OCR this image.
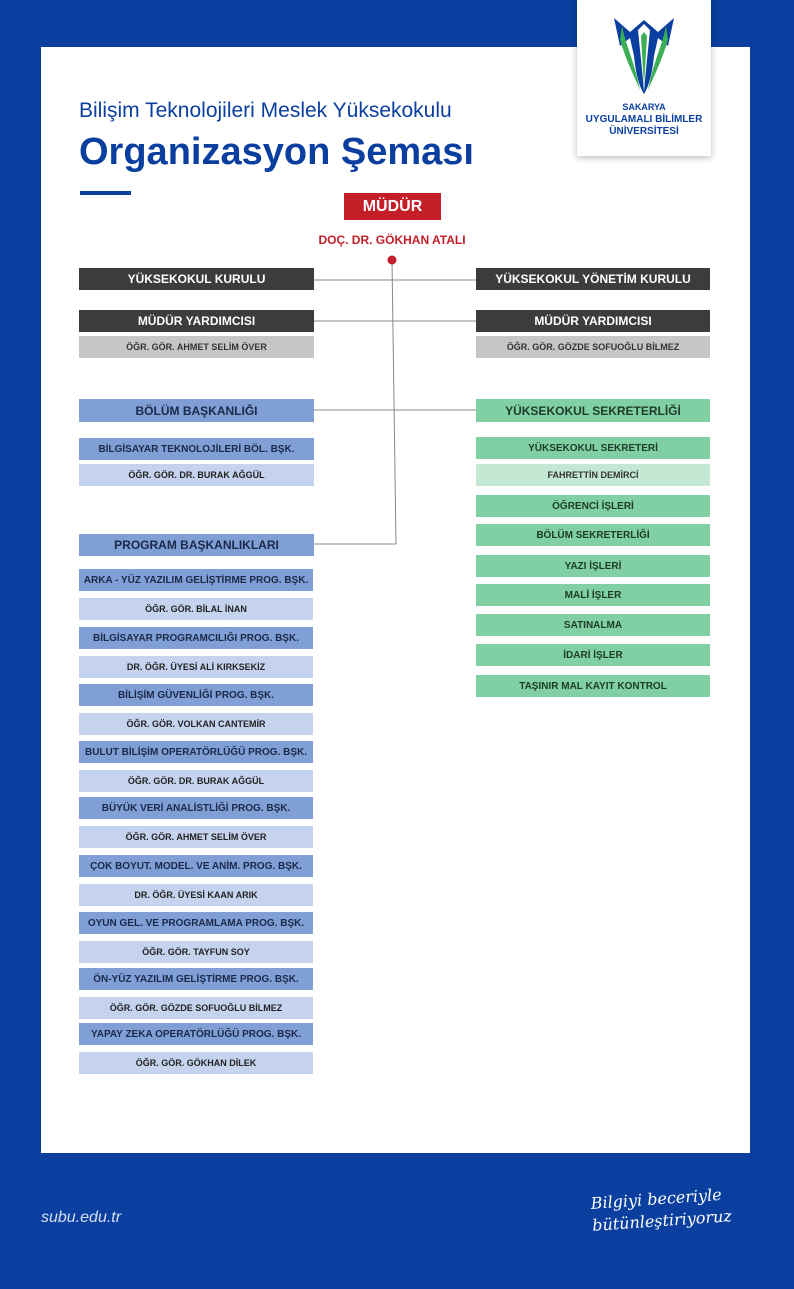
SAKARYA
UYGULAMALI BİLİMLER
ÜNİVERSİTESİ
Bilişim Teknolojileri Meslek Yüksekokulu
Organizasyon Şeması
MÜDÜR
DOÇ. DR. GÖKHAN ATALI
YÜKSEKOKUL KURULU
MÜDÜR YARDIMCISI
ÖĞR. GÖR. AHMET SELİM ÖVER
BÖLÜM BAŞKANLIĞI
BİLGİSAYAR TEKNOLOJİLERİ BÖL. BŞK.
ÖĞR. GÖR. DR. BURAK AĞGÜL
PROGRAM BAŞKANLIKLARI
ARKA - YÜZ YAZILIM GELİŞTİRME PROG. BŞK.
ÖĞR. GÖR. BİLAL İNAN
BİLGİSAYAR PROGRAMCILIĞI PROG. BŞK.
DR. ÖĞR. ÜYESİ ALİ KIRKSEKİZ
BİLİŞİM GÜVENLİĞİ PROG. BŞK.
ÖĞR. GÖR. VOLKAN CANTEMİR
BULUT BİLİŞİM OPERATÖRLÜĞÜ PROG. BŞK.
ÖĞR. GÖR. DR. BURAK AĞGÜL
BÜYÜK VERİ ANALİSTLİĞİ PROG. BŞK.
ÖĞR. GÖR. AHMET SELİM ÖVER
ÇOK BOYUT. MODEL. VE ANİM. PROG. BŞK.
DR. ÖĞR. ÜYESİ KAAN ARIK
OYUN GEL. VE PROGRAMLAMA PROG. BŞK.
ÖĞR. GÖR. TAYFUN SOY
ÖN-YÜZ YAZILIM GELİŞTİRME PROG. BŞK.
ÖĞR. GÖR. GÖZDE SOFUOĞLU BİLMEZ
YAPAY ZEKA OPERATÖRLÜĞÜ PROG. BŞK.
ÖĞR. GÖR. GÖKHAN DİLEK
YÜKSEKOKUL YÖNETİM KURULU
MÜDÜR YARDIMCISI
ÖĞR. GÖR. GÖZDE SOFUOĞLU BİLMEZ
YÜKSEKOKUL SEKRETERLİĞİ
YÜKSEKOKUL SEKRETERİ
FAHRETTİN DEMİRCİ
ÖĞRENCİ İŞLERİ
BÖLÜM SEKRETERLİĞİ
YAZI İŞLERİ
MALİ İŞLER
SATINALMA
İDARİ İŞLER
TAŞINIR MAL KAYIT KONTROL
subu.edu.tr
Bilgiyi beceriyle
bütünleştiriyoruz
